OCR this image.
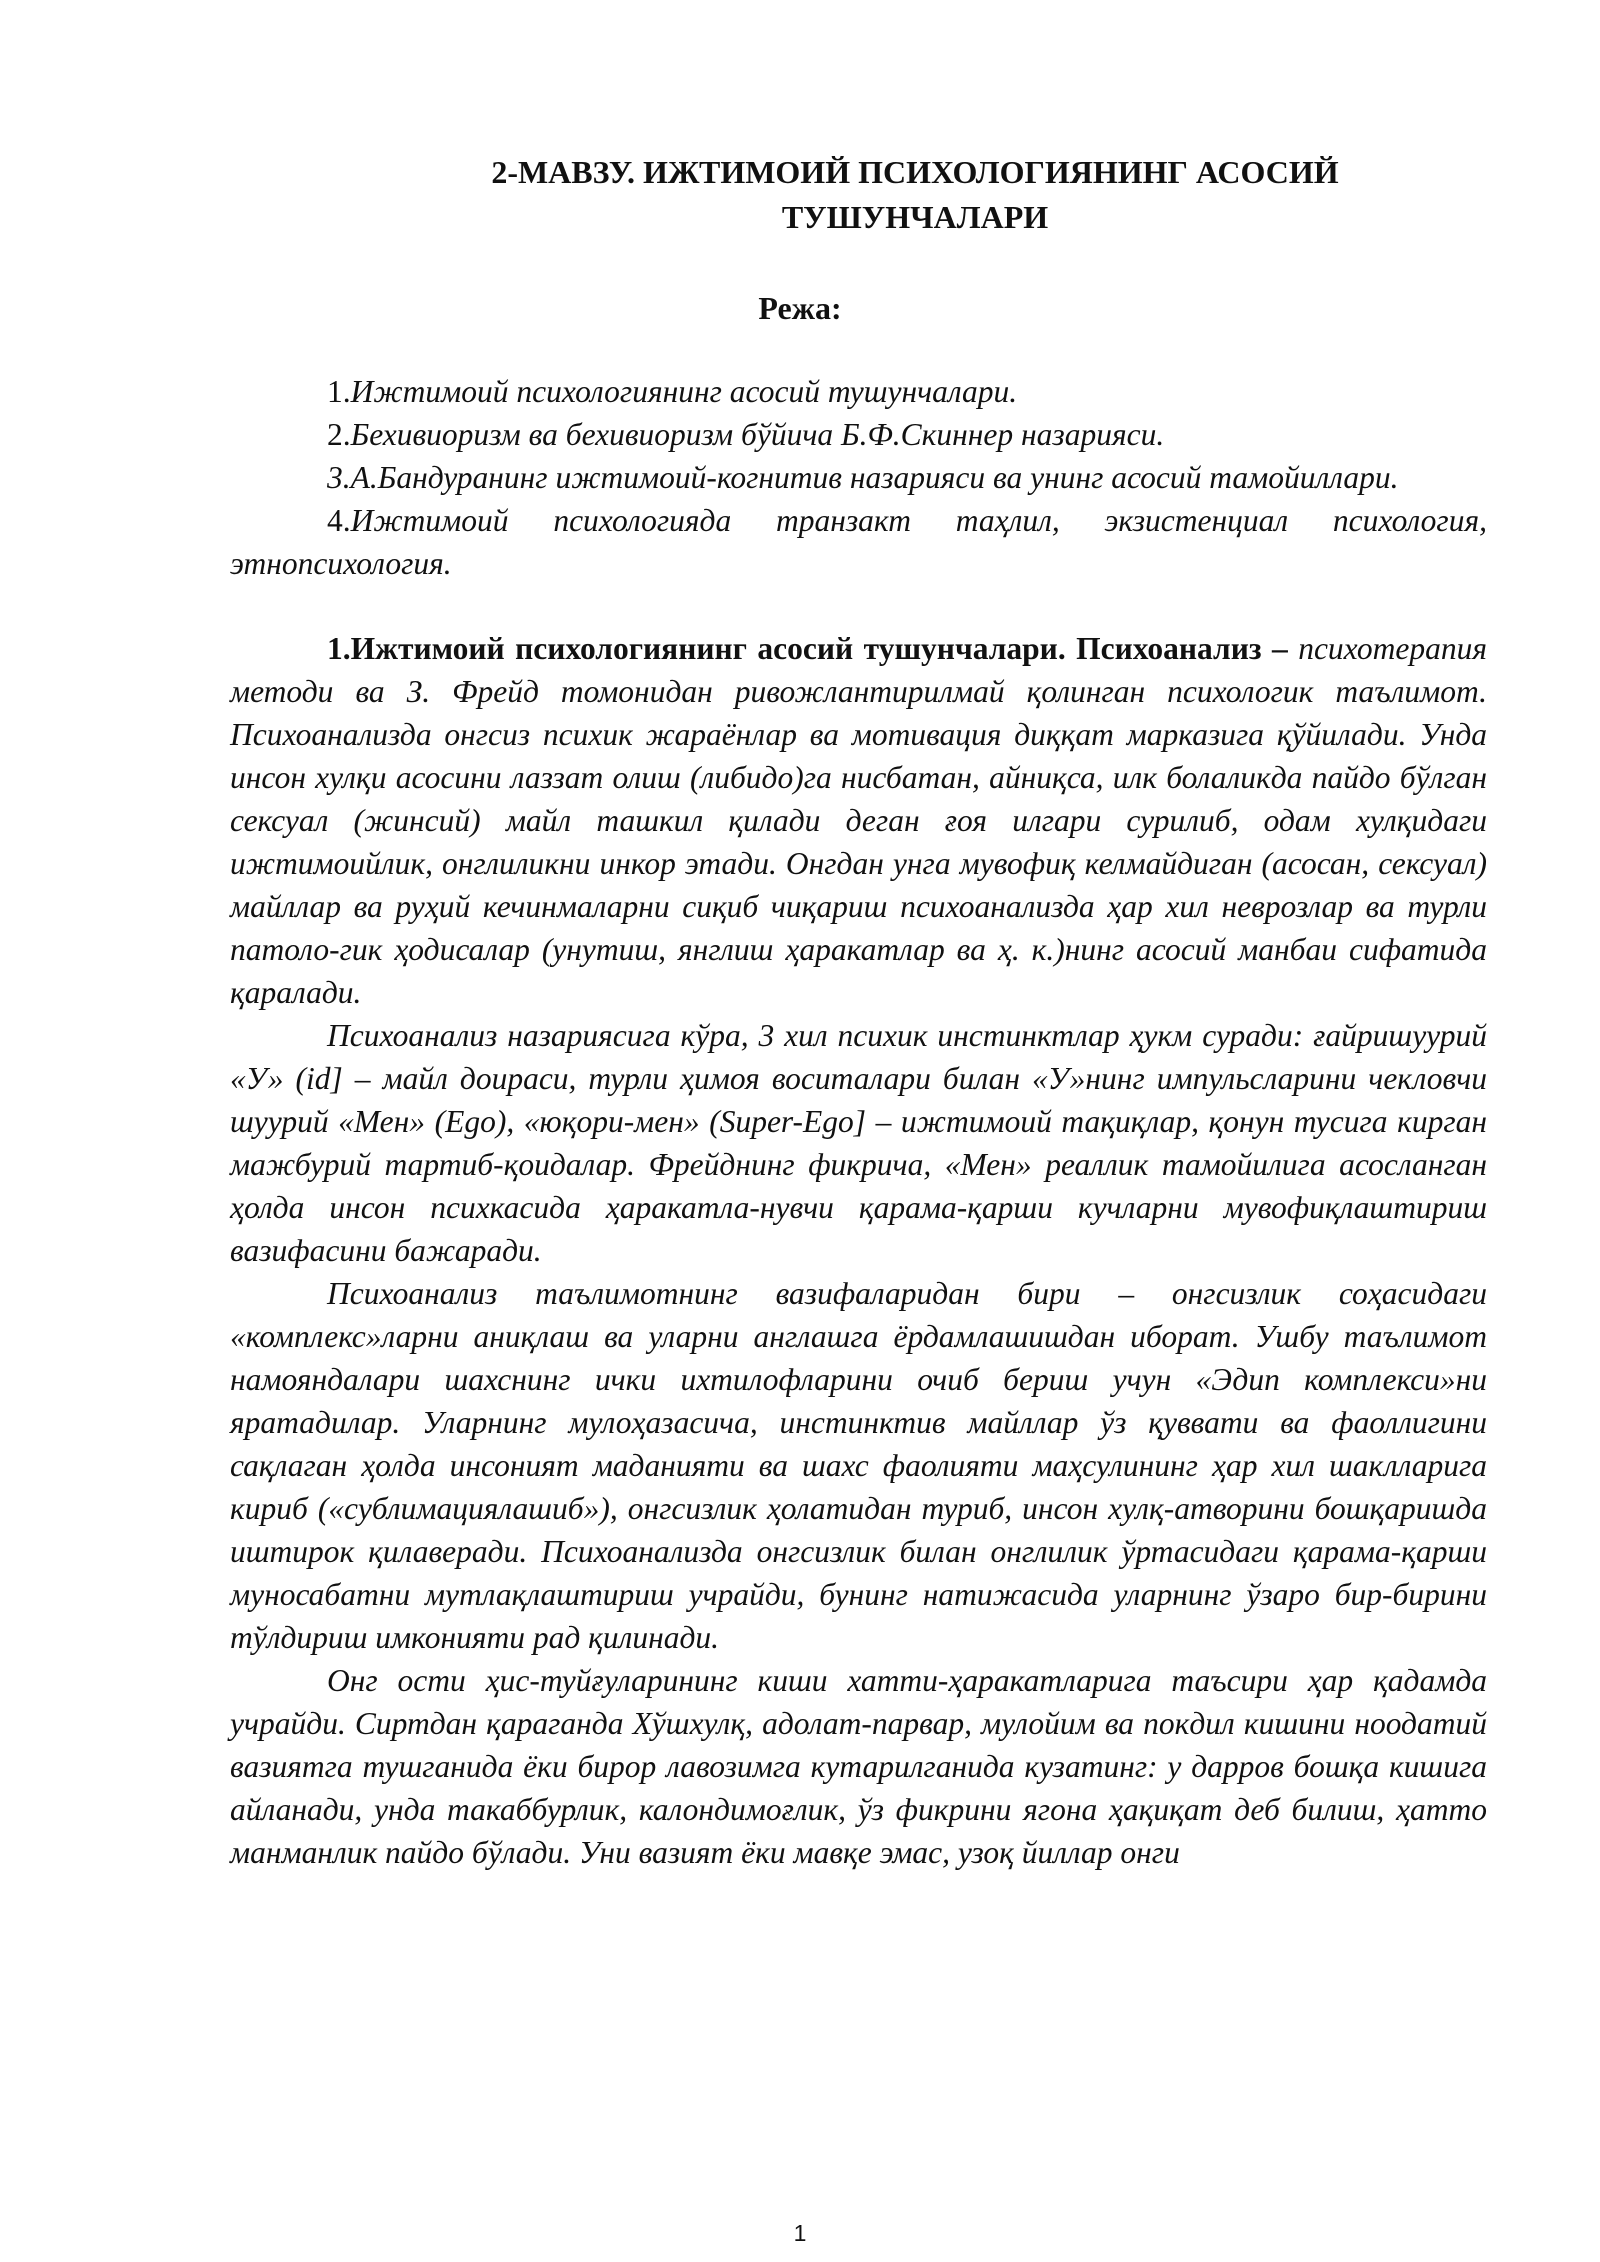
2-МАВЗУ. ИЖТИМОИЙ ПСИХОЛОГИЯНИНГ АСОСИЙ ТУШУНЧАЛАРИ
Режа:

1.Ижтимоий психологиянинг асосий тушунчалари.

2.Бехивиоризм ва бехивиоризм бўйича Б.Ф.Скиннер назарияси.

3.А.Бандуранинг ижтимоий-когнитив назарияси ва унинг асосий тамойиллари.

4.Ижтимоий психологияда транзакт таҳлил, экзистенциал психология, этнопсихология.

1.Ижтимоий психологиянинг асосий тушунчалари. Психоанализ – психотерапия методи ва З. Фрейд томонидан ривожлантирилмай қолинган психологик таълимот. Психоанализда онгсиз психик жараёнлар ва мотивация диққат марказига қўйилади. Унда инсон хулқи асосини лаззат олиш (либидо)га нисбатан, айниқса, илк болаликда пайдо бўлган сексуал (жинсий) майл ташкил қилади деган ғоя илгари сурилиб, одам хулқидаги ижтимоийлик, онглиликни инкор этади. Онгдан унга мувофиқ келмайдиган (асосан, сексуал) майллар ва руҳий кечинмаларни сиқиб чиқариш психоанализда ҳар хил неврозлар ва турли патоло-гик ҳодисалар (унутиш, янглиш ҳаракатлар ва ҳ. к.)нинг асосий манбаи сифатида қаралади.

Психоанализ назариясига кўра, 3 хил психик инстинктлар ҳукм суради: ғайришуурий «У» (id] – майл доираси, турли ҳимоя воситалари билан «У»нинг импульсларини чекловчи шуурий «Мен» (Ego), «юқори-мен» (Super-Ego] – ижтимоий тақиқлар, қонун тусига кирган мажбурий тартиб-қоидалар. Фрейднинг фикрича, «Мен» реаллик тамойилига асосланган ҳолда инсон психкасида ҳаракатла-нувчи қарама-қарши кучларни мувофиқлаштириш вазифасини бажаради.

Психоанализ таълимотнинг вазифаларидан бири – онгсизлик соҳасидаги «комплекс»ларни аниқлаш ва уларни англашга ёрдамлашишдан иборат. Ушбу таълимот намояндалари шахснинг ички ихтилофларини очиб бериш учун «Эдип комплекси»ни яратадилар. Уларнинг мулоҳазасича, инстинктив майллар ўз қуввати ва фаоллигини сақлаган ҳолда инсоният маданияти ва шахс фаолияти маҳсулининг ҳар хил шаклларига кириб («сублимациялашиб»), онгсизлик ҳолатидан туриб, инсон хулқ-атворини бошқаришда иштирок қилаверади. Психоанализда онгсизлик билан онглилик ўртасидаги қарама-қарши муносабатни мутлақлаштириш учрайди, бунинг натижасида уларнинг ўзаро бир-бирини тўлдириш имконияти рад қилинади.

Онг ости ҳис-туйғуларининг киши хатти-ҳаракатларига таъсири ҳар қадамда учрайди. Сиртдан қараганда Хўшхулқ, адолат-парвар, мулойим ва покдил кишини ноодатий вазиятга тушганида ёки бирор лавозимга кутарилганида кузатинг: у дарров бошқа кишига айланади, унда такаббурлик, калондимоғлик, ўз фикрини ягона ҳақиқат деб билиш, ҳатто манманлик пайдо бўлади. Уни вазият ёки мавқе эмас, узоқ йиллар онги

1
